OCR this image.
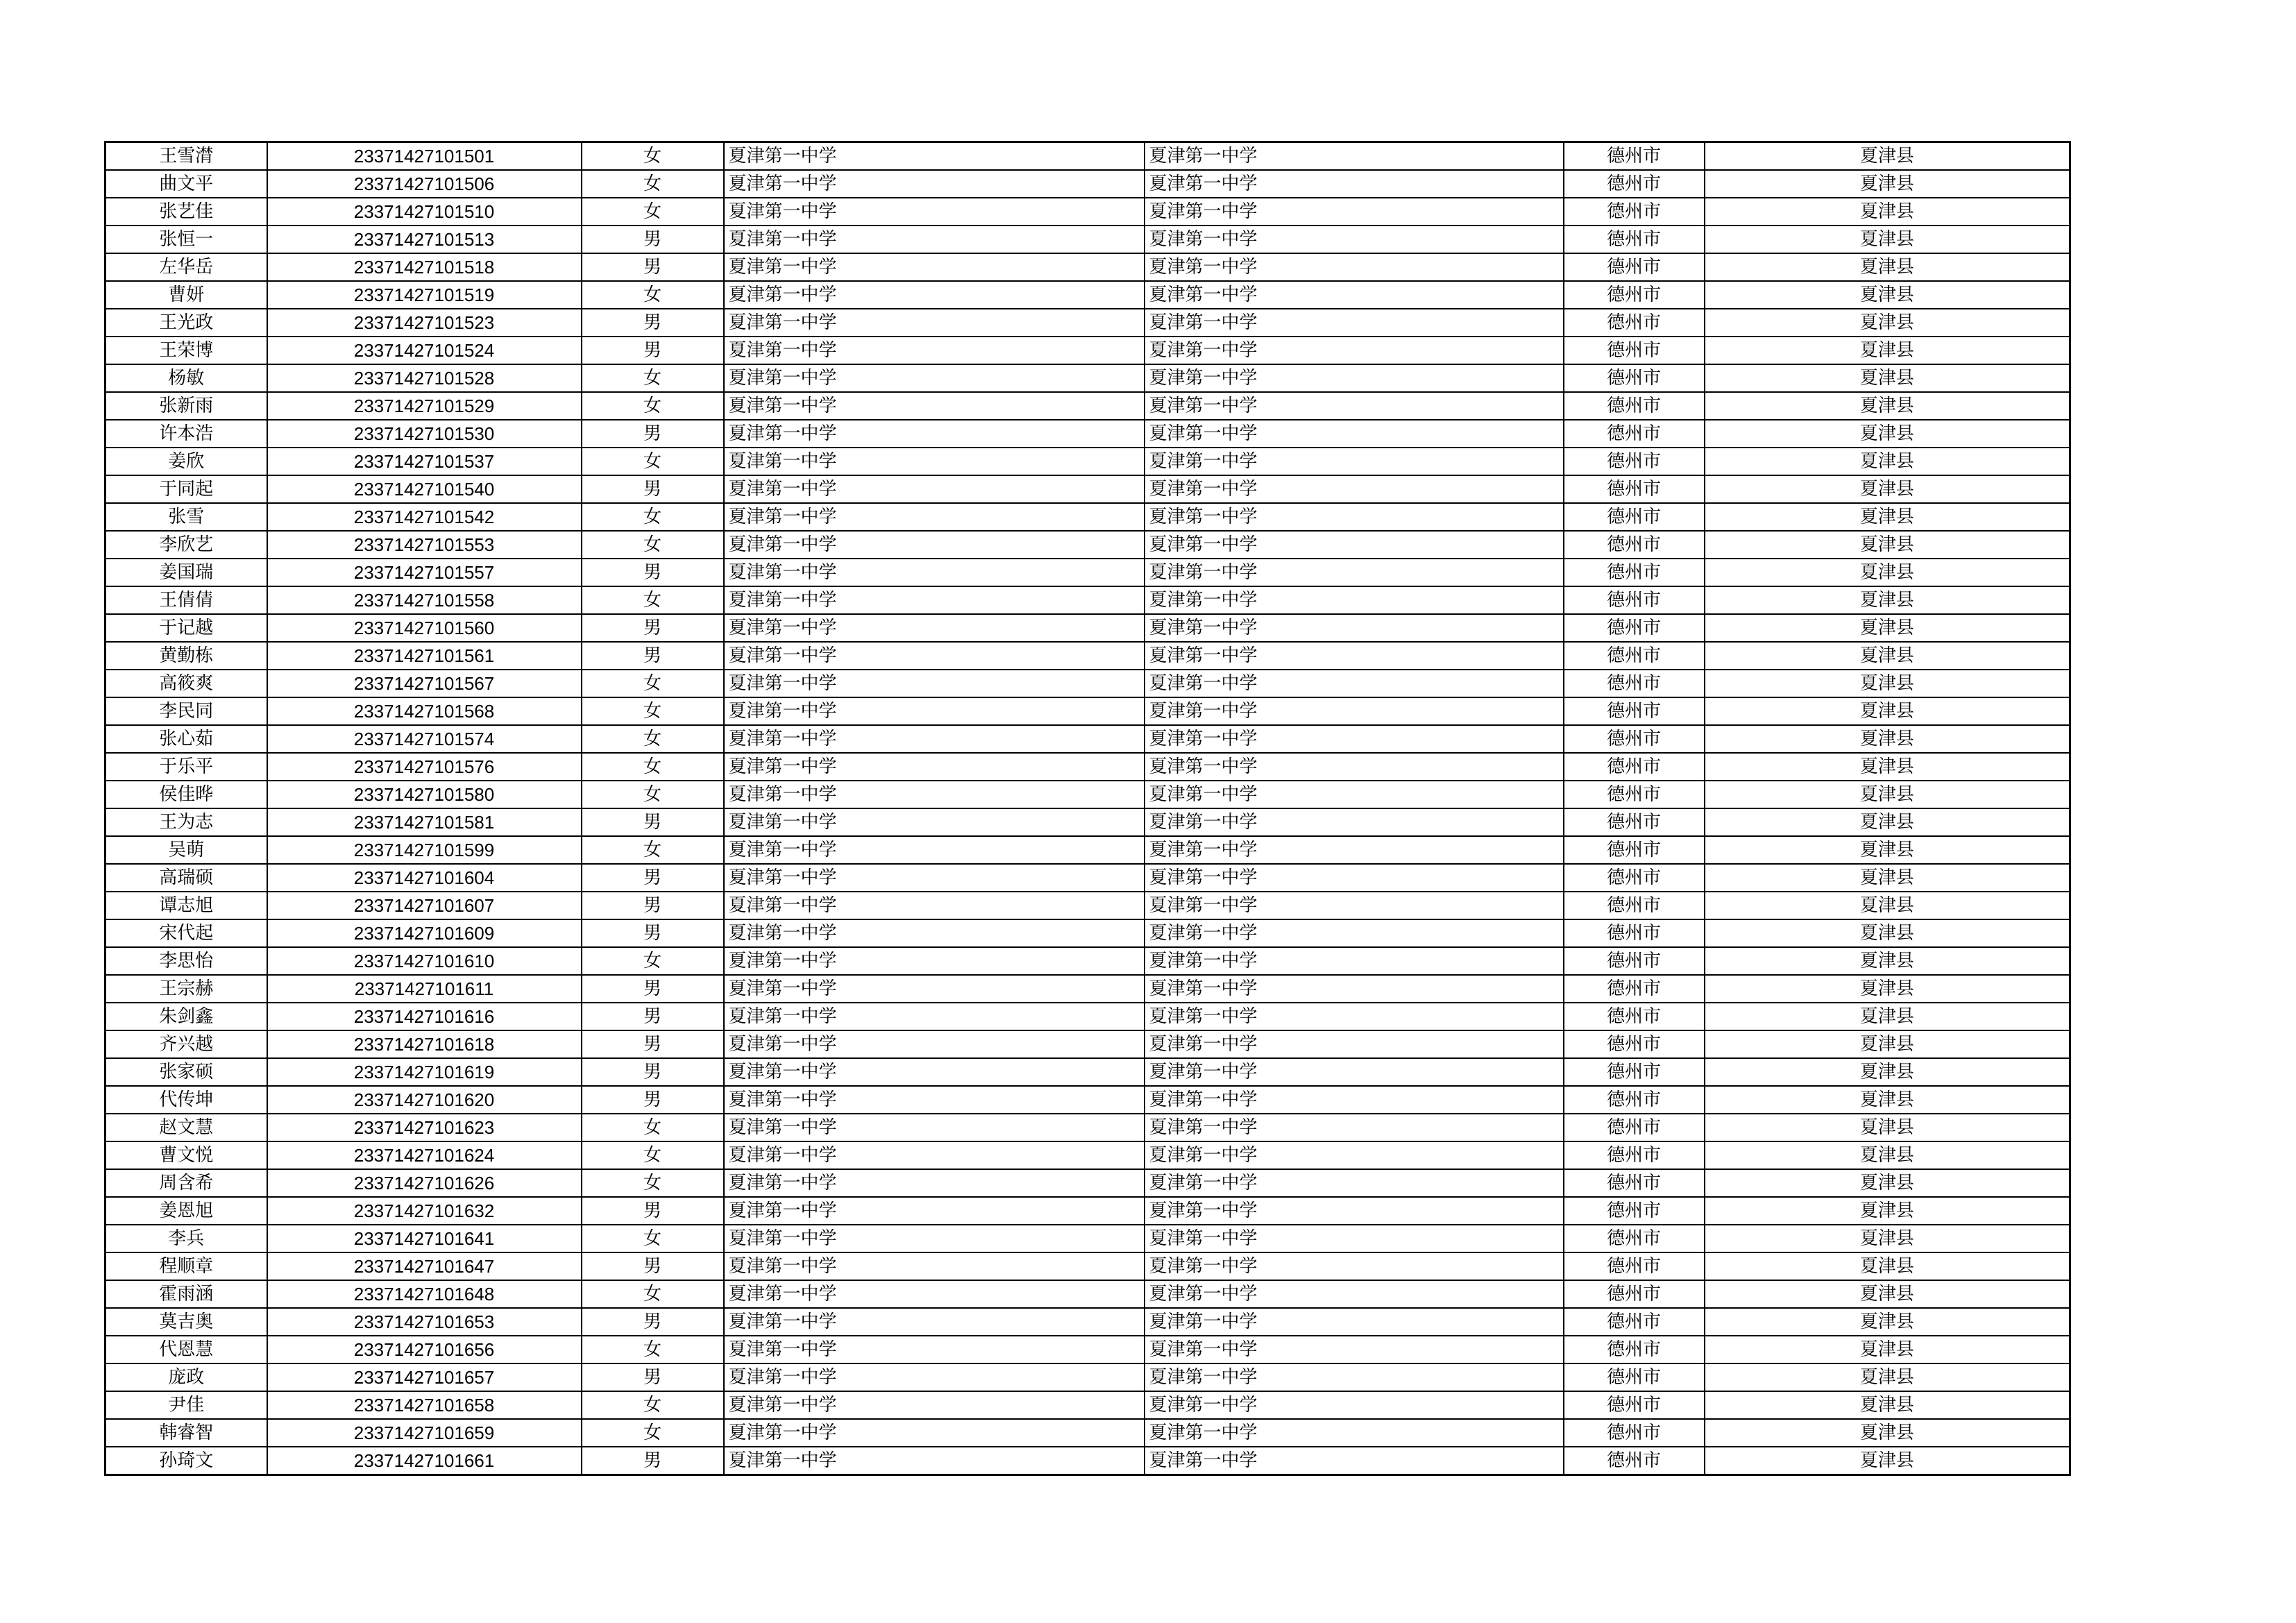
王雪潸	23371427101501	女	夏津第一中学	夏津第一中学	德州市	夏津县
曲文平	23371427101506	女	夏津第一中学	夏津第一中学	德州市	夏津县
张艺佳	23371427101510	女	夏津第一中学	夏津第一中学	德州市	夏津县
张恒一	23371427101513	男	夏津第一中学	夏津第一中学	德州市	夏津县
左华岳	23371427101518	男	夏津第一中学	夏津第一中学	德州市	夏津县
曹妍	23371427101519	女	夏津第一中学	夏津第一中学	德州市	夏津县
王光政	23371427101523	男	夏津第一中学	夏津第一中学	德州市	夏津县
王荣博	23371427101524	男	夏津第一中学	夏津第一中学	德州市	夏津县
杨敏	23371427101528	女	夏津第一中学	夏津第一中学	德州市	夏津县
张新雨	23371427101529	女	夏津第一中学	夏津第一中学	德州市	夏津县
许本浩	23371427101530	男	夏津第一中学	夏津第一中学	德州市	夏津县
姜欣	23371427101537	女	夏津第一中学	夏津第一中学	德州市	夏津县
于同起	23371427101540	男	夏津第一中学	夏津第一中学	德州市	夏津县
张雪	23371427101542	女	夏津第一中学	夏津第一中学	德州市	夏津县
李欣艺	23371427101553	女	夏津第一中学	夏津第一中学	德州市	夏津县
姜国瑞	23371427101557	男	夏津第一中学	夏津第一中学	德州市	夏津县
王倩倩	23371427101558	女	夏津第一中学	夏津第一中学	德州市	夏津县
于记越	23371427101560	男	夏津第一中学	夏津第一中学	德州市	夏津县
黄勤栋	23371427101561	男	夏津第一中学	夏津第一中学	德州市	夏津县
高筱爽	23371427101567	女	夏津第一中学	夏津第一中学	德州市	夏津县
李民同	23371427101568	女	夏津第一中学	夏津第一中学	德州市	夏津县
张心茹	23371427101574	女	夏津第一中学	夏津第一中学	德州市	夏津县
于乐平	23371427101576	女	夏津第一中学	夏津第一中学	德州市	夏津县
侯佳晔	23371427101580	女	夏津第一中学	夏津第一中学	德州市	夏津县
王为志	23371427101581	男	夏津第一中学	夏津第一中学	德州市	夏津县
吴萌	23371427101599	女	夏津第一中学	夏津第一中学	德州市	夏津县
高瑞硕	23371427101604	男	夏津第一中学	夏津第一中学	德州市	夏津县
谭志旭	23371427101607	男	夏津第一中学	夏津第一中学	德州市	夏津县
宋代起	23371427101609	男	夏津第一中学	夏津第一中学	德州市	夏津县
李思怡	23371427101610	女	夏津第一中学	夏津第一中学	德州市	夏津县
王宗赫	23371427101611	男	夏津第一中学	夏津第一中学	德州市	夏津县
朱剑鑫	23371427101616	男	夏津第一中学	夏津第一中学	德州市	夏津县
齐兴越	23371427101618	男	夏津第一中学	夏津第一中学	德州市	夏津县
张家硕	23371427101619	男	夏津第一中学	夏津第一中学	德州市	夏津县
代传坤	23371427101620	男	夏津第一中学	夏津第一中学	德州市	夏津县
赵文慧	23371427101623	女	夏津第一中学	夏津第一中学	德州市	夏津县
曹文悦	23371427101624	女	夏津第一中学	夏津第一中学	德州市	夏津县
周含希	23371427101626	女	夏津第一中学	夏津第一中学	德州市	夏津县
姜恩旭	23371427101632	男	夏津第一中学	夏津第一中学	德州市	夏津县
李兵	23371427101641	女	夏津第一中学	夏津第一中学	德州市	夏津县
程顺章	23371427101647	男	夏津第一中学	夏津第一中学	德州市	夏津县
霍雨涵	23371427101648	女	夏津第一中学	夏津第一中学	德州市	夏津县
莫吉奥	23371427101653	男	夏津第一中学	夏津第一中学	德州市	夏津县
代恩慧	23371427101656	女	夏津第一中学	夏津第一中学	德州市	夏津县
庞政	23371427101657	男	夏津第一中学	夏津第一中学	德州市	夏津县
尹佳	23371427101658	女	夏津第一中学	夏津第一中学	德州市	夏津县
韩睿智	23371427101659	女	夏津第一中学	夏津第一中学	德州市	夏津县
孙琦文	23371427101661	男	夏津第一中学	夏津第一中学	德州市	夏津县
